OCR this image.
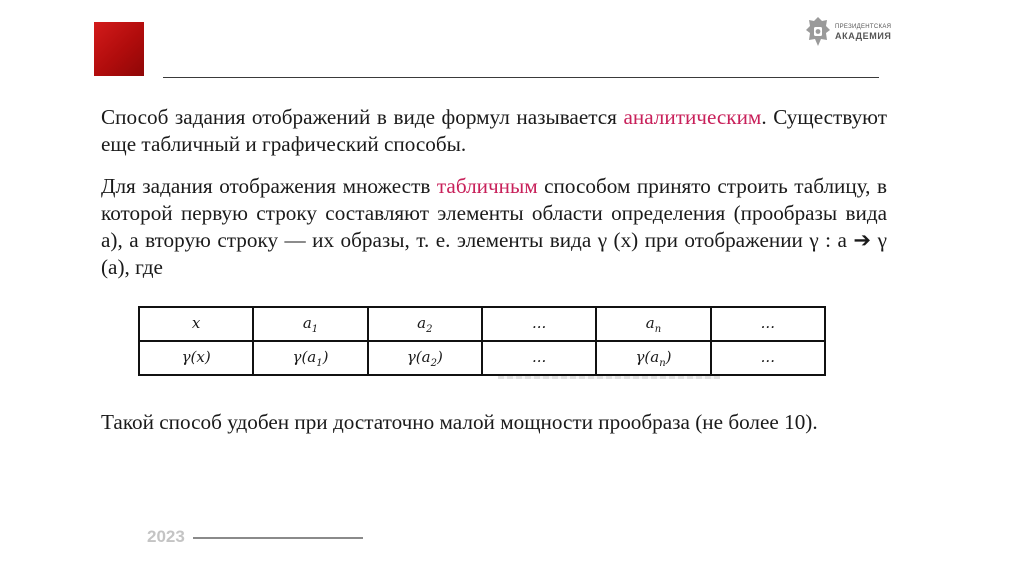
ПРЕЗИДЕНТСКАЯ
АКАДЕМИЯ

Способ задания отображений в виде формул называется аналитическим. Существуют еще табличный и графический способы.

Для задания отображения множеств табличным способом принято строить таблицу, в которой первую строку составляют элементы области определения (прообразы вида a), а вторую строку — их образы, т. е. элементы вида γ (x) при отображении γ : a ➔ γ (a), где

x	$a_1$	$a_2$	...	$a_n$	...
γ(x)	$\gamma(a_1)$	$\gamma(a_2)$	...	$\gamma(a_n)$	...

Такой способ удобен при достаточно малой мощности прообраза (не более 10).

2023
